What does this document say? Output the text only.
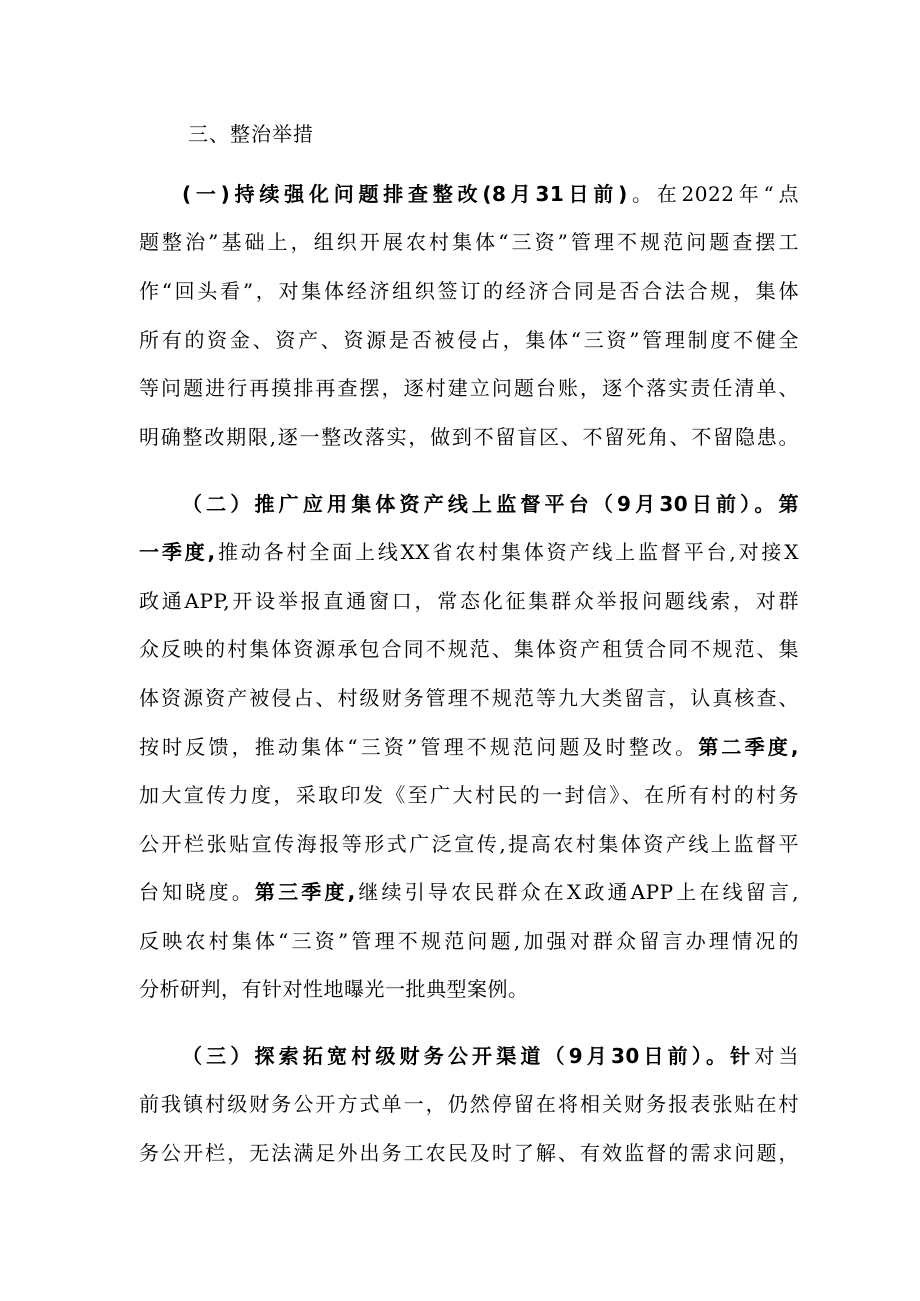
三、整治举措
(一)持续强化问题排查整改(8月31日前)。在2022年“点
题整治”基础上，组织开展农村集体“三资”管理不规范问题查摆工
作“回头看”，对集体经济组织签订的经济合同是否合法合规，集体
所有的资金、资产、资源是否被侵占，集体“三资”管理制度不健全
等问题进行再摸排再查摆，逐村建立问题台账，逐个落实责任清单、
明确整改期限,逐一整改落实，做到不留盲区、不留死角、不留隐患。
（二）推广应用集体资产线上监督平台（9月30日前）。第
一季度,推动各村全面上线XX省农村集体资产线上监督平台,对接X
政通APP,开设举报直通窗口，常态化征集群众举报问题线索，对群
众反映的村集体资源承包合同不规范、集体资产租赁合同不规范、集
体资源资产被侵占、村级财务管理不规范等九大类留言，认真核查、
按时反馈，推动集体“三资”管理不规范问题及时整改。第二季度,
加大宣传力度，采取印发《至广大村民的一封信》、在所有村的村务
公开栏张贴宣传海报等形式广泛宣传,提高农村集体资产线上监督平
台知晓度。第三季度,继续引导农民群众在X政通APP上在线留言,
反映农村集体“三资”管理不规范问题,加强对群众留言办理情况的
分析研判，有针对性地曝光一批典型案例。
（三）探索拓宽村级财务公开渠道（9月30日前）。针对当
前我镇村级财务公开方式单一，仍然停留在将相关财务报表张贴在村
务公开栏，无法满足外出务工农民及时了解、有效监督的需求问题，
